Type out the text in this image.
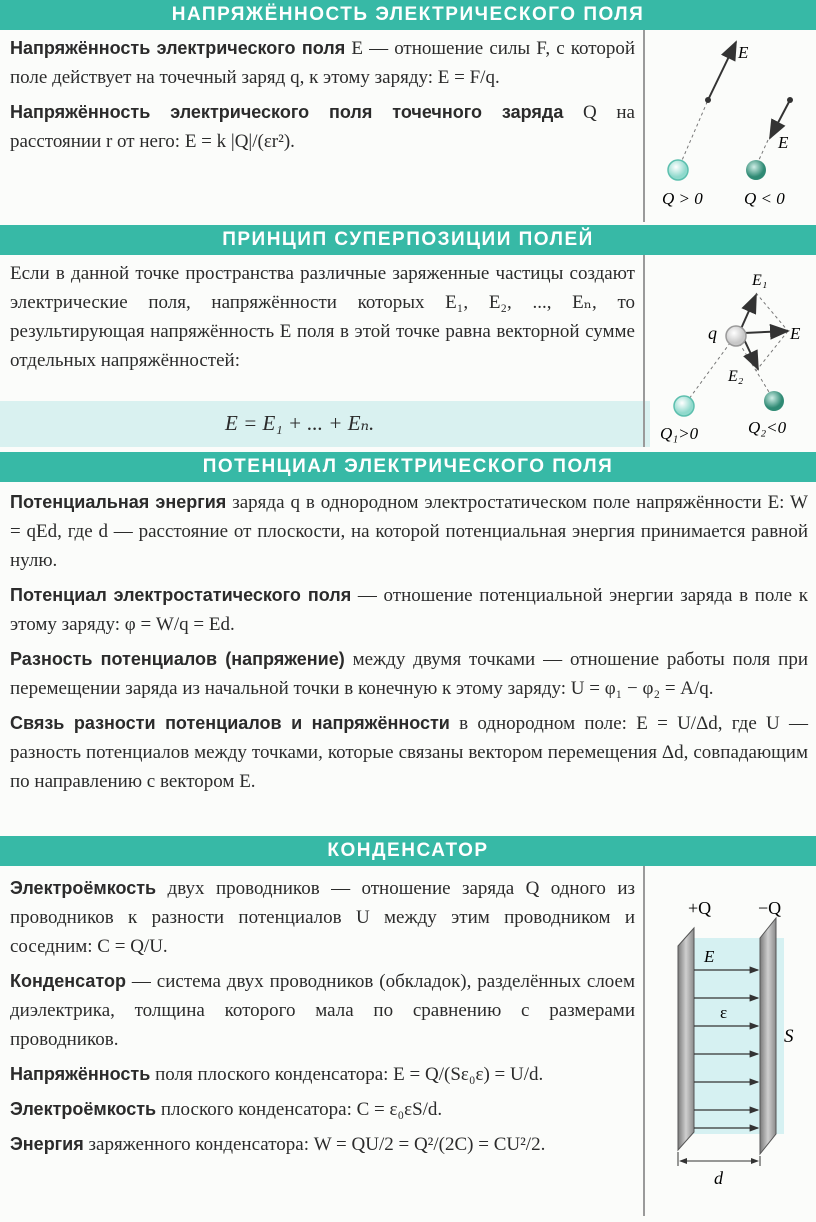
НАПРЯЖЁННОСТЬ ЭЛЕКТРИЧЕСКОГО ПОЛЯ

Напряжённость электрического поля E — отношение силы F, с которой поле действует на точечный заряд q, к этому заряду: E = F/q.

Напряжённость электрического поля точечного заряда Q на расстоянии r от него: E = k |Q|/(εr²).

E
E
Q > 0 Q < 0
ПРИНЦИП СУПЕРПОЗИЦИИ ПОЛЕЙ

Если в данной точке пространства различные заряженные частицы создают электрические поля, напряжённости которых E₁, E₂, ..., Eₙ, то результирующая напряжённость E поля в этой точке равна векторной сумме отдельных напряжённостей:

E = E₁ + ... + Eₙ.
q
E₁
E
E₂
Q₁>0	Q₂<0
ПОТЕНЦИАЛ ЭЛЕКТРИЧЕСКОГО ПОЛЯ

Потенциальная энергия заряда q в однородном электростатическом поле напряжённости E: W = qEd, где d — расстояние от плоскости, на которой потенциальная энергия принимается равной нулю.

Потенциал электростатического поля — отношение потенциальной энергии заряда в поле к этому заряду: φ = W/q = Ed.

Разность потенциалов (напряжение) между двумя точками — отношение работы поля при перемещении заряда из начальной точки в конечную к этому заряду: U = φ₁ − φ₂ = A/q.

Связь разности потенциалов и напряжённости в однородном поле: E = U/Δd, где U — разность потенциалов между точками, которые связаны вектором перемещения Δd, совпадающим по направлению с вектором E.

КОНДЕНСАТОР

Электроёмкость двух проводников — отношение заряда Q одного из проводников к разности потенциалов U между этим проводником и соседним: C = Q/U.

Конденсатор — система двух проводников (обкладок), разделённых слоем диэлектрика, толщина которого мала по сравнению с размерами проводников.

Напряжённость поля плоского конденсатора: E = Q/(Sε₀ε) = U/d.

Электроёмкость плоского конденсатора: C = ε₀εS/d.

Энергия заряженного конденсатора: W = QU/2 = Q²/(2C) = CU²/2.

+Q	−Q
E
ε
S
d
